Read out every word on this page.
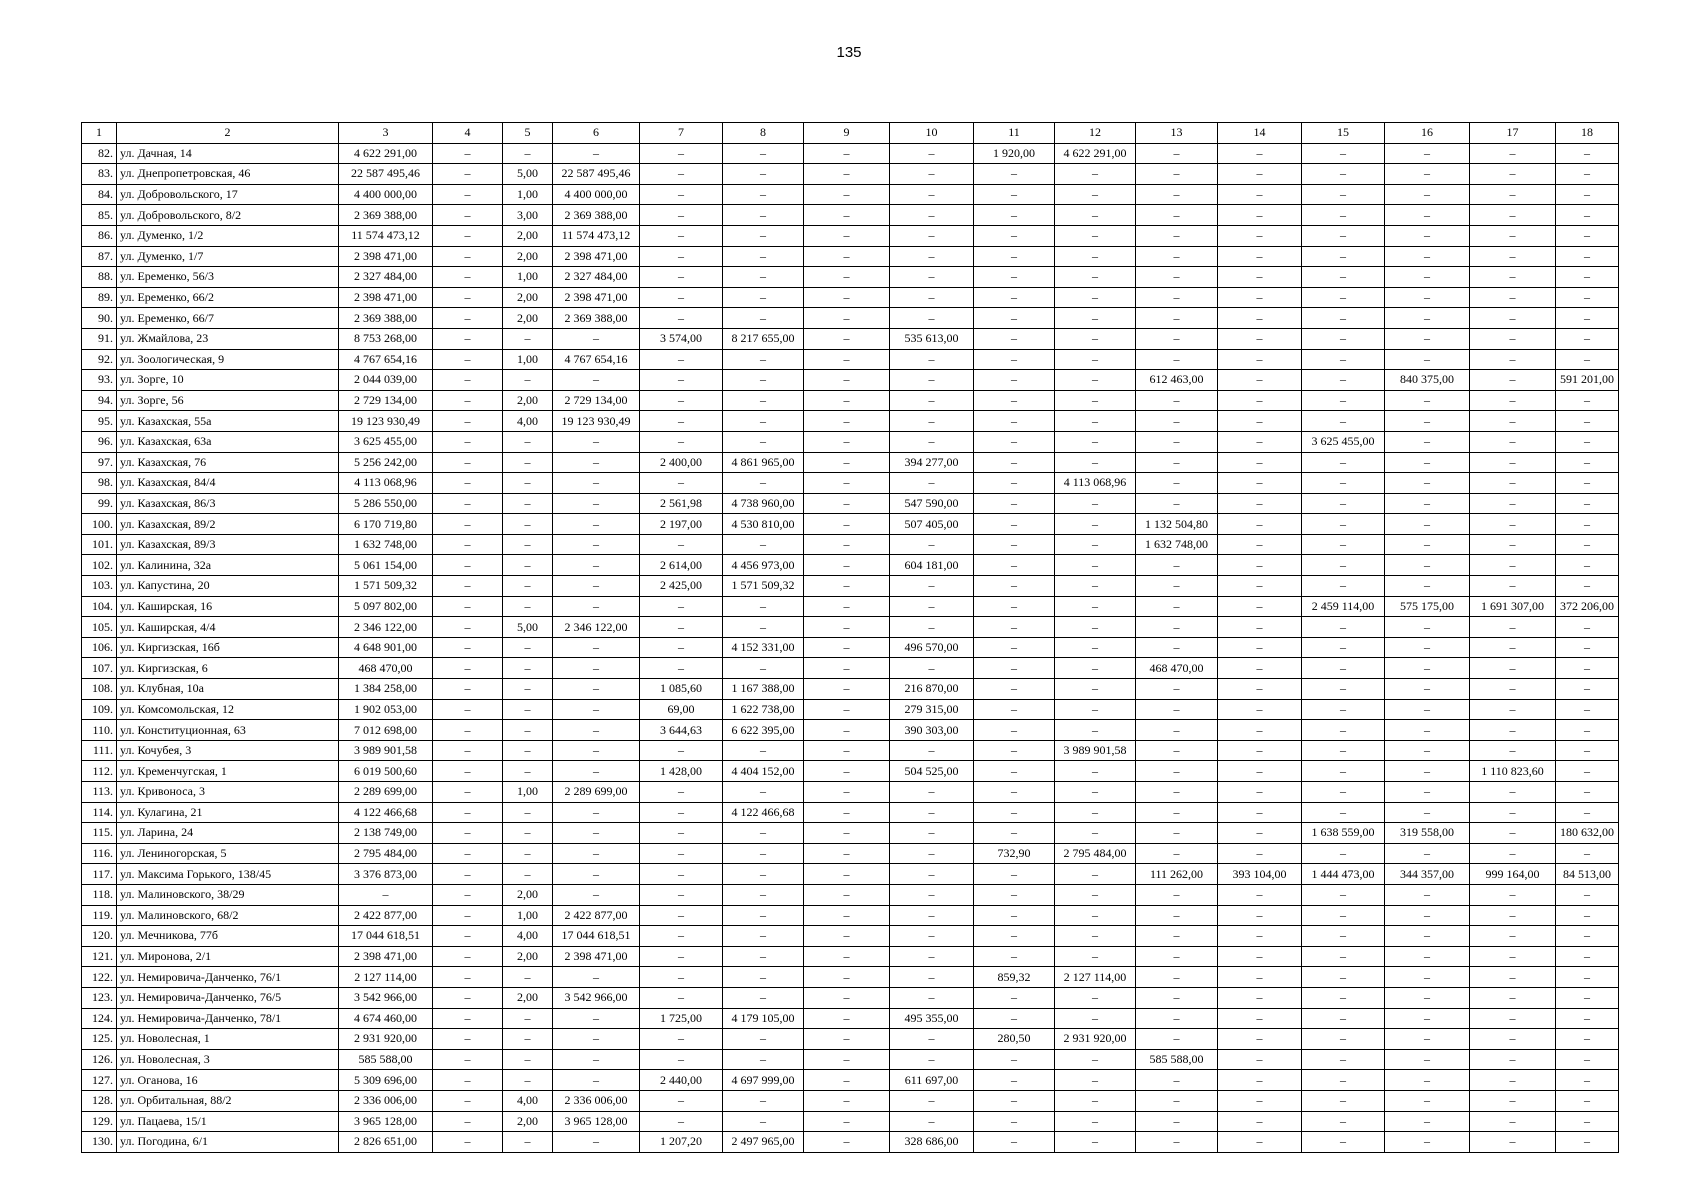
135
1	2	3	4	5	6	7	8	9	10	11	12	13	14	15	16	17	18
82.	ул. Дачная, 14	4 622 291,00	–	–	–	–	–	–	–	1 920,00	4 622 291,00	–	–	–	–	–	–
83.	ул. Днепропетровская, 46	22 587 495,46	–	5,00	22 587 495,46	–	–	–	–	–	–	–	–	–	–	–	–
84.	ул. Добровольского, 17	4 400 000,00	–	1,00	4 400 000,00	–	–	–	–	–	–	–	–	–	–	–	–
85.	ул. Добровольского, 8/2	2 369 388,00	–	3,00	2 369 388,00	–	–	–	–	–	–	–	–	–	–	–	–
86.	ул. Думенко, 1/2	11 574 473,12	–	2,00	11 574 473,12	–	–	–	–	–	–	–	–	–	–	–	–
87.	ул. Думенко, 1/7	2 398 471,00	–	2,00	2 398 471,00	–	–	–	–	–	–	–	–	–	–	–	–
88.	ул. Еременко, 56/3	2 327 484,00	–	1,00	2 327 484,00	–	–	–	–	–	–	–	–	–	–	–	–
89.	ул. Еременко, 66/2	2 398 471,00	–	2,00	2 398 471,00	–	–	–	–	–	–	–	–	–	–	–	–
90.	ул. Еременко, 66/7	2 369 388,00	–	2,00	2 369 388,00	–	–	–	–	–	–	–	–	–	–	–	–
91.	ул. Жмайлова, 23	8 753 268,00	–	–	–	3 574,00	8 217 655,00	–	535 613,00	–	–	–	–	–	–	–	–
92.	ул. Зоологическая, 9	4 767 654,16	–	1,00	4 767 654,16	–	–	–	–	–	–	–	–	–	–	–	–
93.	ул. Зорге, 10	2 044 039,00	–	–	–	–	–	–	–	–	–	612 463,00	–	–	840 375,00	–	591 201,00
94.	ул. Зорге, 56	2 729 134,00	–	2,00	2 729 134,00	–	–	–	–	–	–	–	–	–	–	–	–
95.	ул. Казахская, 55а	19 123 930,49	–	4,00	19 123 930,49	–	–	–	–	–	–	–	–	–	–	–	–
96.	ул. Казахская, 63а	3 625 455,00	–	–	–	–	–	–	–	–	–	–	–	3 625 455,00	–	–	–
97.	ул. Казахская, 76	5 256 242,00	–	–	–	2 400,00	4 861 965,00	–	394 277,00	–	–	–	–	–	–	–	–
98.	ул. Казахская, 84/4	4 113 068,96	–	–	–	–	–	–	–	–	4 113 068,96	–	–	–	–	–	–
99.	ул. Казахская, 86/3	5 286 550,00	–	–	–	2 561,98	4 738 960,00	–	547 590,00	–	–	–	–	–	–	–	–
100.	ул. Казахская, 89/2	6 170 719,80	–	–	–	2 197,00	4 530 810,00	–	507 405,00	–	–	1 132 504,80	–	–	–	–	–
101.	ул. Казахская, 89/3	1 632 748,00	–	–	–	–	–	–	–	–	–	1 632 748,00	–	–	–	–	–
102.	ул. Калинина, 32а	5 061 154,00	–	–	–	2 614,00	4 456 973,00	–	604 181,00	–	–	–	–	–	–	–	–
103.	ул. Капустина, 20	1 571 509,32	–	–	–	2 425,00	1 571 509,32	–	–	–	–	–	–	–	–	–	–
104.	ул. Каширская, 16	5 097 802,00	–	–	–	–	–	–	–	–	–	–	–	2 459 114,00	575 175,00	1 691 307,00	372 206,00
105.	ул. Каширская, 4/4	2 346 122,00	–	5,00	2 346 122,00	–	–	–	–	–	–	–	–	–	–	–	–
106.	ул. Киргизская, 16б	4 648 901,00	–	–	–	–	4 152 331,00	–	496 570,00	–	–	–	–	–	–	–	–
107.	ул. Киргизская, 6	468 470,00	–	–	–	–	–	–	–	–	–	468 470,00	–	–	–	–	–
108.	ул. Клубная, 10а	1 384 258,00	–	–	–	1 085,60	1 167 388,00	–	216 870,00	–	–	–	–	–	–	–	–
109.	ул. Комсомольская, 12	1 902 053,00	–	–	–	69,00	1 622 738,00	–	279 315,00	–	–	–	–	–	–	–	–
110.	ул. Конституционная, 63	7 012 698,00	–	–	–	3 644,63	6 622 395,00	–	390 303,00	–	–	–	–	–	–	–	–
111.	ул. Кочубея, 3	3 989 901,58	–	–	–	–	–	–	–	–	3 989 901,58	–	–	–	–	–	–
112.	ул. Кременчугская, 1	6 019 500,60	–	–	–	1 428,00	4 404 152,00	–	504 525,00	–	–	–	–	–	–	1 110 823,60	–
113.	ул. Кривоноса, 3	2 289 699,00	–	1,00	2 289 699,00	–	–	–	–	–	–	–	–	–	–	–	–
114.	ул. Кулагина, 21	4 122 466,68	–	–	–	–	4 122 466,68	–	–	–	–	–	–	–	–	–	–
115.	ул. Ларина, 24	2 138 749,00	–	–	–	–	–	–	–	–	–	–	–	1 638 559,00	319 558,00	–	180 632,00
116.	ул. Лениногорская, 5	2 795 484,00	–	–	–	–	–	–	–	732,90	2 795 484,00	–	–	–	–	–	–
117.	ул. Максима Горького, 138/45	3 376 873,00	–	–	–	–	–	–	–	–	–	111 262,00	393 104,00	1 444 473,00	344 357,00	999 164,00	84 513,00
118.	ул. Малиновского, 38/29	–	–	2,00	–	–	–	–	–	–	–	–	–	–	–	–	–
119.	ул. Малиновского, 68/2	2 422 877,00	–	1,00	2 422 877,00	–	–	–	–	–	–	–	–	–	–	–	–
120.	ул. Мечникова, 77б	17 044 618,51	–	4,00	17 044 618,51	–	–	–	–	–	–	–	–	–	–	–	–
121.	ул. Миронова, 2/1	2 398 471,00	–	2,00	2 398 471,00	–	–	–	–	–	–	–	–	–	–	–	–
122.	ул. Немировича-Данченко, 76/1	2 127 114,00	–	–	–	–	–	–	–	859,32	2 127 114,00	–	–	–	–	–	–
123.	ул. Немировича-Данченко, 76/5	3 542 966,00	–	2,00	3 542 966,00	–	–	–	–	–	–	–	–	–	–	–	–
124.	ул. Немировича-Данченко, 78/1	4 674 460,00	–	–	–	1 725,00	4 179 105,00	–	495 355,00	–	–	–	–	–	–	–	–
125.	ул. Новолесная, 1	2 931 920,00	–	–	–	–	–	–	–	280,50	2 931 920,00	–	–	–	–	–	–
126.	ул. Новолесная, 3	585 588,00	–	–	–	–	–	–	–	–	–	585 588,00	–	–	–	–	–
127.	ул. Оганова, 16	5 309 696,00	–	–	–	2 440,00	4 697 999,00	–	611 697,00	–	–	–	–	–	–	–	–
128.	ул. Орбитальная, 88/2	2 336 006,00	–	4,00	2 336 006,00	–	–	–	–	–	–	–	–	–	–	–	–
129.	ул. Пацаева, 15/1	3 965 128,00	–	2,00	3 965 128,00	–	–	–	–	–	–	–	–	–	–	–	–
130.	ул. Погодина, 6/1	2 826 651,00	–	–	–	1 207,20	2 497 965,00	–	328 686,00	–	–	–	–	–	–	–	–
